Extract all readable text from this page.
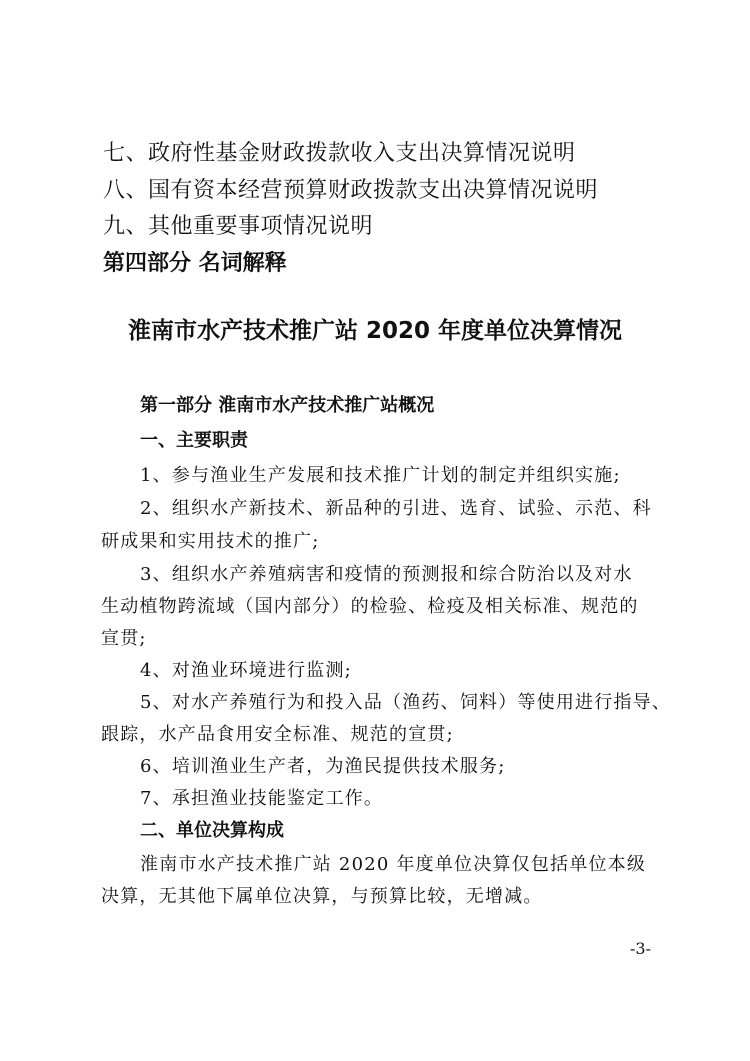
七、政府性基金财政拨款收入支出决算情况说明
八、国有资本经营预算财政拨款支出决算情况说明
九、其他重要事项情况说明
第四部分 名词解释
淮南市水产技术推广站 2020 年度单位决算情况
第一部分 淮南市水产技术推广站概况
一、主要职责
1、参与渔业生产发展和技术推广计划的制定并组织实施;
2、组织水产新技术、新品种的引进、选育、试验、示范、科
研成果和实用技术的推广;
3、组织水产养殖病害和疫情的预测报和综合防治以及对水
生动植物跨流域（国内部分）的检验、检疫及相关标准、规范的
宣贯;
4、对渔业环境进行监测;
5、对水产养殖行为和投入品（渔药、饲料）等使用进行指导、
跟踪，水产品食用安全标准、规范的宣贯;
6、培训渔业生产者，为渔民提供技术服务;
7、承担渔业技能鉴定工作。
二、单位决算构成
淮南市水产技术推广站 2020 年度单位决算仅包括单位本级
决算，无其他下属单位决算，与预算比较，无增减。
-3-
